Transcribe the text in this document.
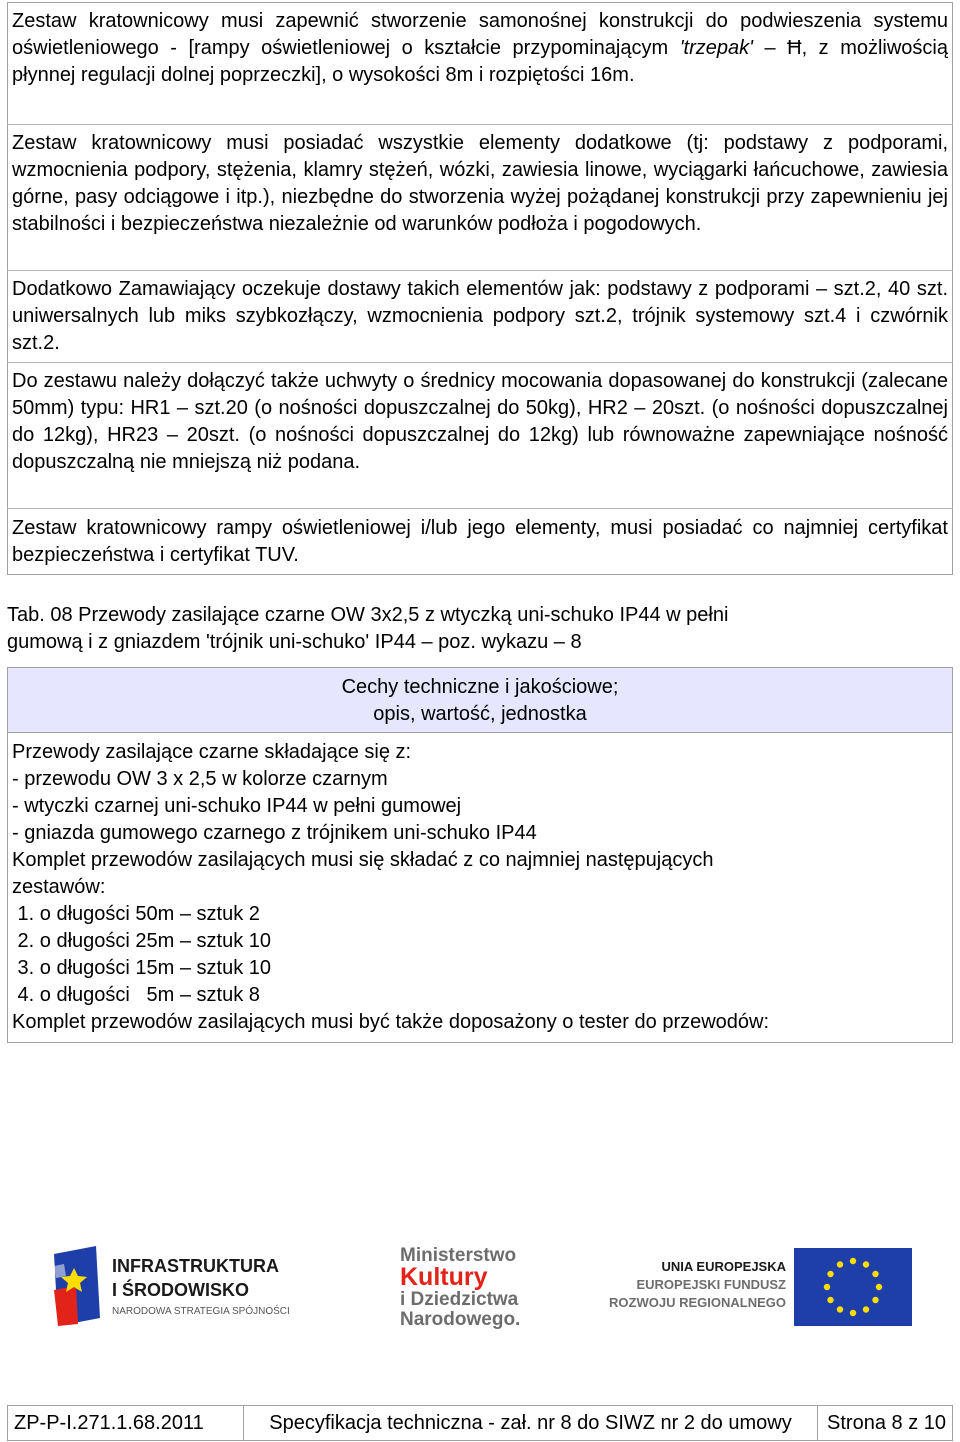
Zestaw kratownicowy musi zapewnić stworzenie samonośnej konstrukcji do podwieszenia systemu oświetleniowego - [rampy oświetleniowej o kształcie przypominającym 'trzepak' – Ħ, z możliwością płynnej regulacji dolnej poprzeczki], o wysokości 8m i rozpiętości 16m.

Zestaw kratownicowy musi posiadać wszystkie elementy dodatkowe (tj: podstawy z podporami, wzmocnienia podpory, stężenia, klamry stężeń, wózki, zawiesia linowe, wyciągarki łańcuchowe, zawiesia górne, pasy odciągowe i itp.), niezbędne do stworzenia wyżej pożądanej konstrukcji przy zapewnieniu jej stabilności i bezpieczeństwa niezależnie od warunków podłoża i pogodowych.

Dodatkowo Zamawiający oczekuje dostawy takich elementów jak: podstawy z podporami – szt.2, 40 szt. uniwersalnych lub miks szybkozłączy, wzmocnienia podpory szt.2, trójnik systemowy szt.4 i czwórnik szt.2.

Do zestawu należy dołączyć także uchwyty o średnicy mocowania dopasowanej do konstrukcji (zalecane 50mm) typu: HR1 – szt.20 (o nośności dopuszczalnej do 50kg), HR2 – 20szt. (o nośności dopuszczalnej do 12kg), HR23 – 20szt. (o nośności dopuszczalnej do 12kg) lub równoważne zapewniające nośność dopuszczalną nie mniejszą niż podana.

Zestaw kratownicowy rampy oświetleniowej i/lub jego elementy, musi posiadać co najmniej certyfikat bezpieczeństwa i certyfikat TUV.

Tab. 08 Przewody zasilające czarne OW 3x2,5 z wtyczką uni-schuko IP44 w pełni

gumową i z gniazdem 'trójnik uni-schuko' IP44 – poz. wykazu – 8

Cechy techniczne i jakościowe;
opis, wartość, jednostka
Przewody zasilające czarne składające się z:
- przewodu OW 3 x 2,5 w kolorze czarnym
- wtyczki czarnej uni-schuko IP44 w pełni gumowej
- gniazda gumowego czarnego z trójnikem uni-schuko IP44
Komplet przewodów zasilających musi się składać z co najmniej następujących
zestawów:
1. o długości 50m – sztuk 2
2. o długości 25m – sztuk 10
3. o długości 15m – sztuk 10
4. o długości   5m – sztuk 8
Komplet przewodów zasilających musi być także doposażony o tester do przewodów:
INFRASTRUKTURA
I ŚRODOWISKO
NARODOWA STRATEGIA SPÓJNOŚCI
Ministerstwo
Kultury
i Dziedzictwa
Narodowego.
UNIA EUROPEJSKA
EUROPEJSKI FUNDUSZ
ROZWOJU REGIONALNEGO
ZP-P-I.271.1.68.2011	Specyfikacja techniczna - zał. nr 8 do SIWZ nr 2 do umowy	Strona 8 z 10
